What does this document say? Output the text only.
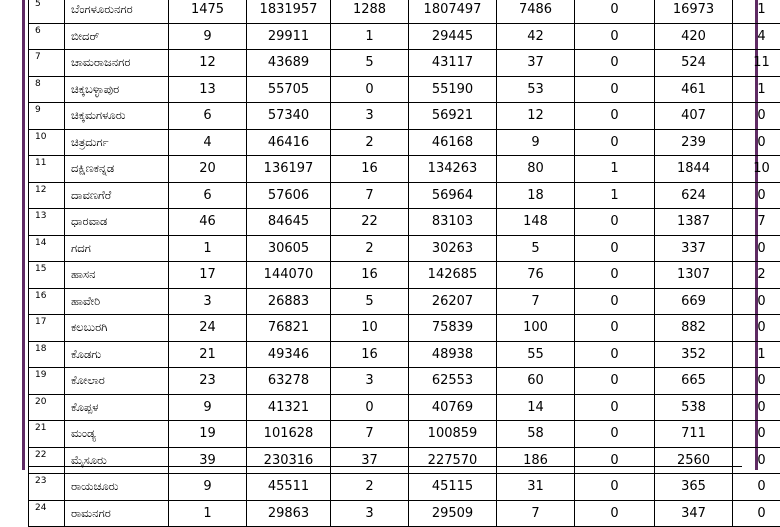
5	ಬೆಂಗಳೂರುನಗರ	1475	1831957	1288	1807497	7486	0	16973	1
6	ಬೀದರ್	9	29911	1	29445	42	0	420	4
7	ಚಾಮರಾಜನಗರ	12	43689	5	43117	37	0	524	11
8	ಚಿಕ್ಕಬಳ್ಳಾಪುರ	13	55705	0	55190	53	0	461	1
9	ಚಿಕ್ಕಮಗಳೂರು	6	57340	3	56921	12	0	407	0
10	ಚಿತ್ರದುರ್ಗ	4	46416	2	46168	9	0	239	0
11	ದಕ್ಷಿಣಕನ್ನಡ	20	136197	16	134263	80	1	1844	10
12	ದಾವಣಗೆರೆ	6	57606	7	56964	18	1	624	0
13	ಧಾರವಾಡ	46	84645	22	83103	148	0	1387	7
14	ಗದಗ	1	30605	2	30263	5	0	337	0
15	ಹಾಸನ	17	144070	16	142685	76	0	1307	2
16	ಹಾವೇರಿ	3	26883	5	26207	7	0	669	0
17	ಕಲಬುರಗಿ	24	76821	10	75839	100	0	882	0
18	ಕೊಡಗು	21	49346	16	48938	55	0	352	1
19	ಕೋಲಾರ	23	63278	3	62553	60	0	665	0
20	ಕೊಪ್ಪಳ	9	41321	0	40769	14	0	538	0
21	ಮಂಡ್ಯ	19	101628	7	100859	58	0	711	0
22	ಮೈಸೂರು	39	230316	37	227570	186	0	2560	0
23	ರಾಯಚೂರು	9	45511	2	45115	31	0	365	0
24	ರಾಮನಗರ	1	29863	3	29509	7	0	347	0
